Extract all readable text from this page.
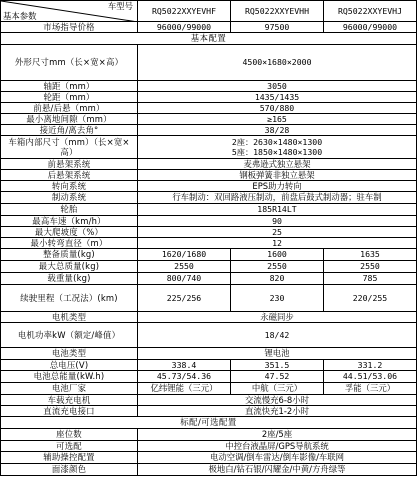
车型号
基本参数	RQ5022XXYEVHF	RQ5022XXYEVHH	RQ5022XXYEVHJ
市场指导价格	96000/99000	97500	96000/99000
基本配置			
外形尺寸mm（长×宽×高）	4500×1680×2000		
轴距（mm）	3050		
轮距（mm）	1435/1435		
前悬/后悬（mm）	570/880		
最小离地间隙（mm）	≥165		
接近角/离去角°	38/28		
车箱内部尺寸（mm）（长×宽×高）	2座：2630×1480×1300
5座：1850×1480×1300		

前悬架系统	麦弗逊式独立悬架		
后悬架系统	钢板弹簧非独立悬架		
转向系统	EPS助力转向		
制动系统	行车制动：双回路液压制动，前盘后鼓式制动器；驻车制		
轮胎	185R14LT		
最高车速（km/h）	90		
最大爬坡度（%）	25		
最小转弯直径（m）	12		
整备质量(kg)	1620/1680	1600	1635
最大总质量(kg)	2550	2550	2550
载重量(kg)	800/740	820	785
续驶里程（工况法）(km)	225/256	230	220/255
电机类型	永磁同步		
电机功率kW（额定/峰值）	18/42		
电池类型	锂电池		
总电压(V)	338.4	351.5	331.2
电池总能量(kW.h)	45.73/54.36	47.52	44.51/53.06
电池厂家	亿纬锂能（三元）	中航（三元）	孚能（三元）
车载充电机	交流慢充6-8小时		
直流充电接口	直流快充1-2小时		
标配/可选配置			
座位数	2座/5座		
可选配	中控台液晶屏/GPS导航系统		
辅助操控配置	电动空调/倒车雷达/倒车影像/车联网		
面漆颜色	极地白/钻石银/闪耀金/中黄/方舟绿等		
